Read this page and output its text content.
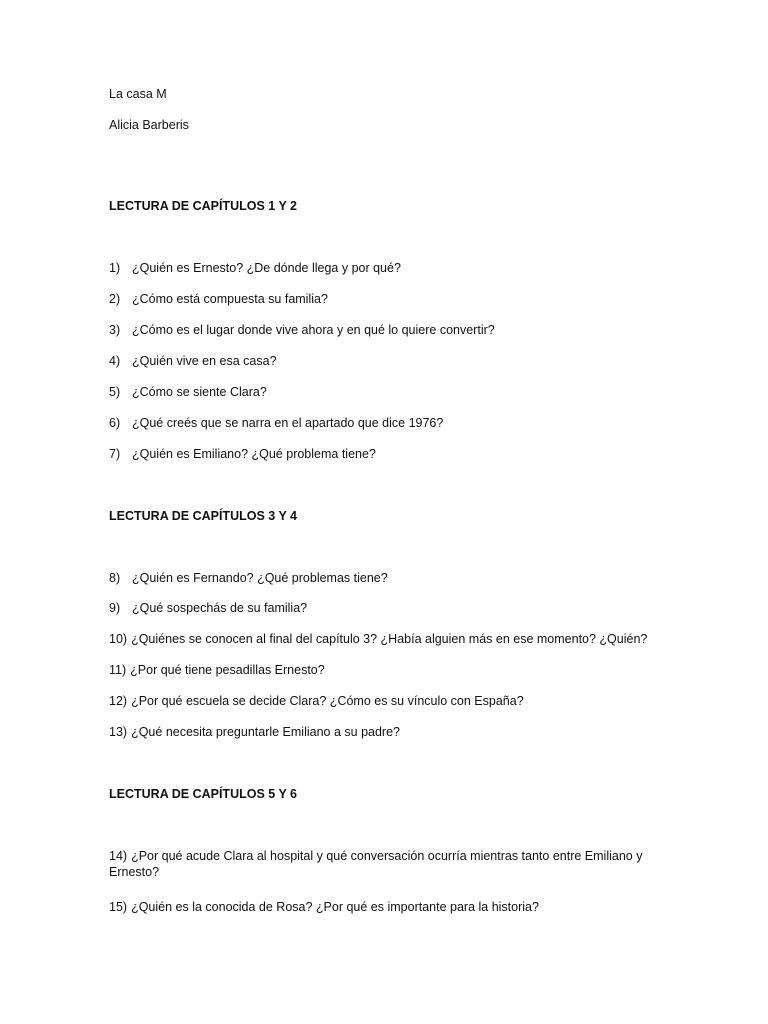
La casa M
Alicia Barberis
LECTURA DE CAPÍTULOS 1 Y 2
1) ¿Quién es Ernesto? ¿De dónde llega y por qué?
2) ¿Cómo está compuesta su familia?
3) ¿Cómo es el lugar donde vive ahora y en qué lo quiere convertir?
4) ¿Quién vive en esa casa?
5) ¿Cómo se siente Clara?
6) ¿Qué creés que se narra en el apartado que dice 1976?
7) ¿Quién es Emiliano? ¿Qué problema tiene?
LECTURA DE CAPÍTULOS 3 Y 4
8) ¿Quién es Fernando? ¿Qué problemas tiene?
9) ¿Qué sospechás de su familia?
10) ¿Quiénes se conocen al final del capítulo 3? ¿Había alguien más en ese momento? ¿Quién?
11) ¿Por qué tiene pesadillas Ernesto?
12) ¿Por qué escuela se decide Clara? ¿Cómo es su vínculo con España?
13) ¿Qué necesita preguntarle Emiliano a su padre?
LECTURA DE CAPÍTULOS 5 Y 6
14) ¿Por qué acude Clara al hospital y qué conversación ocurría mientras tanto entre Emiliano y Ernesto?
15) ¿Quién es la conocida de Rosa? ¿Por qué es importante para la historia?
